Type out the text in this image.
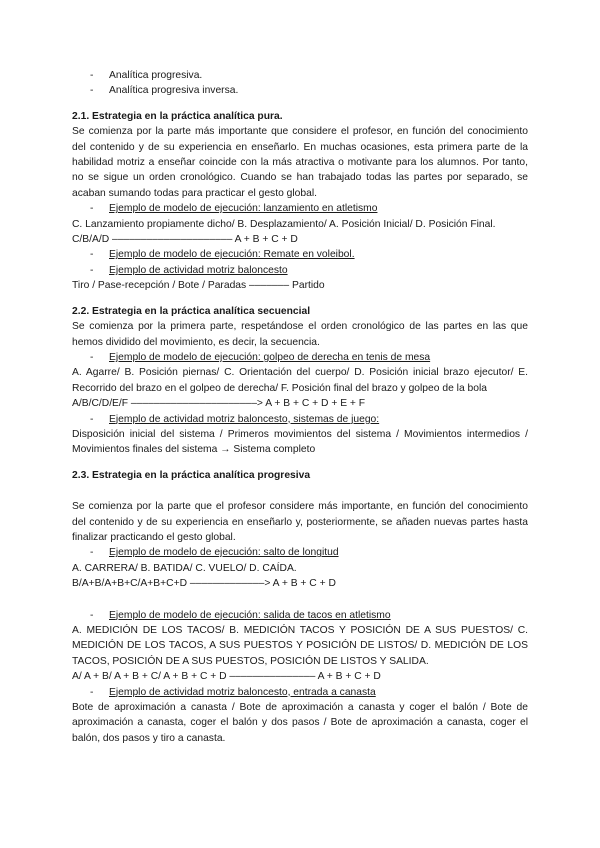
- Analítica progresiva.

- Analítica progresiva inversa.

2.1. Estrategia en la práctica analítica pura.

Se comienza por la parte más importante que considere el profesor, en función del conocimiento del contenido y de su experiencia en enseñarlo. En muchas ocasiones, esta primera parte de la habilidad motriz a enseñar coincide con la más atractiva o motivante para los alumnos. Por tanto, no se sigue un orden cronológico. Cuando se han trabajado todas las partes por separado, se acaban sumando todas para practicar el gesto global.

- Ejemplo de modelo de ejecución: lanzamiento en atletismo

C. Lanzamiento propiamente dicho/ B. Desplazamiento/ A. Posición Inicial/ D. Posición Final.

C/B/A/D ––––––––––––––––––––– A + B + C + D

- Ejemplo de modelo de ejecución: Remate en voleibol.

- Ejemplo de actividad motriz baloncesto

Tiro / Pase-recepción / Bote / Paradas ––––––– Partido

2.2. Estrategia en la práctica analítica secuencial

Se comienza por la primera parte, respetándose el orden cronológico de las partes en las que hemos dividido del movimiento, es decir, la secuencia.

- Ejemplo de modelo de ejecución: golpeo de derecha en tenis de mesa

A. Agarre/ B. Posición piernas/ C. Orientación del cuerpo/ D. Posición inicial brazo ejecutor/ E. Recorrido del brazo en el golpeo de derecha/ F. Posición final del brazo y golpeo de la bola

A/B/C/D/E/F ––––––––––––––––––––––> A + B + C + D + E + F

- Ejemplo de actividad motriz baloncesto, sistemas de juego:

Disposición inicial del sistema / Primeros movimientos del sistema / Movimientos intermedios / Movimientos finales del sistema → Sistema completo

2.3. Estrategia en la práctica analítica progresiva

Se comienza por la parte que el profesor considere más importante, en función del conocimiento del contenido y de su experiencia en enseñarlo y, posteriormente, se añaden nuevas partes hasta finalizar practicando el gesto global.

- Ejemplo de modelo de ejecución: salto de longitud

A. CARRERA/ B. BATIDA/ C. VUELO/ D. CAÍDA.

B/A+B/A+B+C/A+B+C+D –––––––––––––> A + B + C + D

- Ejemplo de modelo de ejecución: salida de tacos en atletismo

A. MEDICIÓN DE LOS TACOS/ B. MEDICIÓN TACOS Y POSICIÓN DE A SUS PUESTOS/ C. MEDICIÓN DE LOS TACOS, A SUS PUESTOS Y POSICIÓN DE LISTOS/ D. MEDICIÓN DE LOS TACOS, POSICIÓN DE A SUS PUESTOS, POSICIÓN DE LISTOS Y SALIDA.

A/ A + B/ A + B + C/ A + B + C + D ––––––––––––––– A + B + C + D

- Ejemplo de actividad motriz baloncesto, entrada a canasta

Bote de aproximación a canasta / Bote de aproximación a canasta y coger el balón / Bote de aproximación a canasta, coger el balón y dos pasos / Bote de aproximación a canasta, coger el balón, dos pasos y tiro a canasta.
